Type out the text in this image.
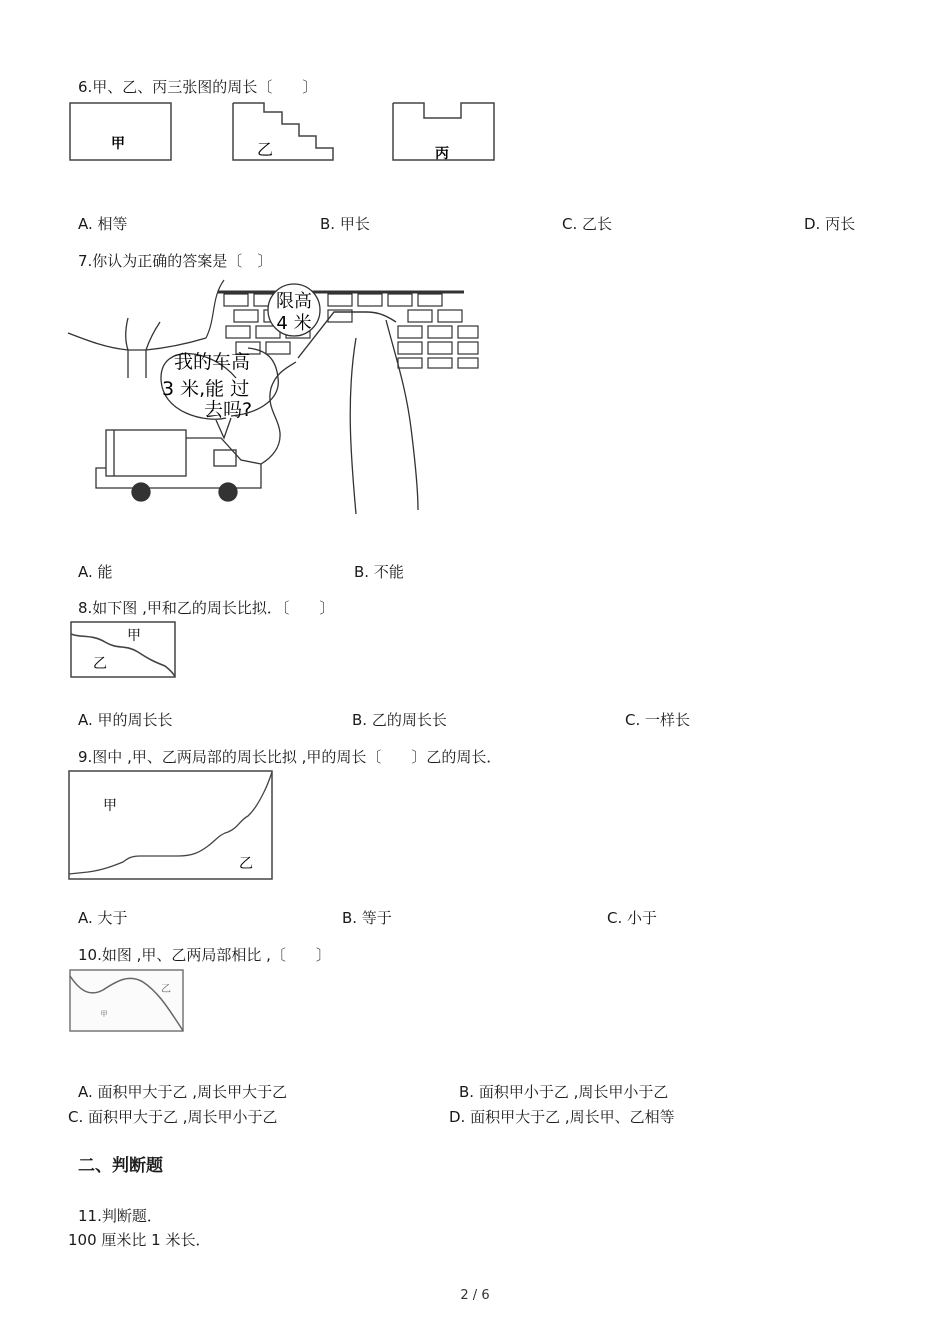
6.甲、乙、丙三张图的周长〔　　〕
甲	乙	丙
A. 相等	B. 甲长	C. 乙长	D. 丙长
7.你认为正确的答案是〔　〕
限高
4 米
我的车高
3 米,能 过
去吗?
A. 能	B. 不能
8.如下图 ,甲和乙的周长比拟．〔　　〕
甲
乙
A. 甲的周长长	B. 乙的周长长	C. 一样长
9.图中 ,甲、乙两局部的周长比拟 ,甲的周长〔　　〕乙的周长．
甲
乙
A. 大于	B. 等于	C. 小于
10.如图 ,甲、乙两局部相比 ,〔　　〕
甲
乙
A. 面积甲大于乙 ,周长甲大于乙	B. 面积甲小于乙 ,周长甲小于乙
C. 面积甲大于乙 ,周长甲小于乙	D. 面积甲大于乙 ,周长甲、乙相等
二、判断题
11.判断题．
100 厘米比 1 米长．
2 / 6
